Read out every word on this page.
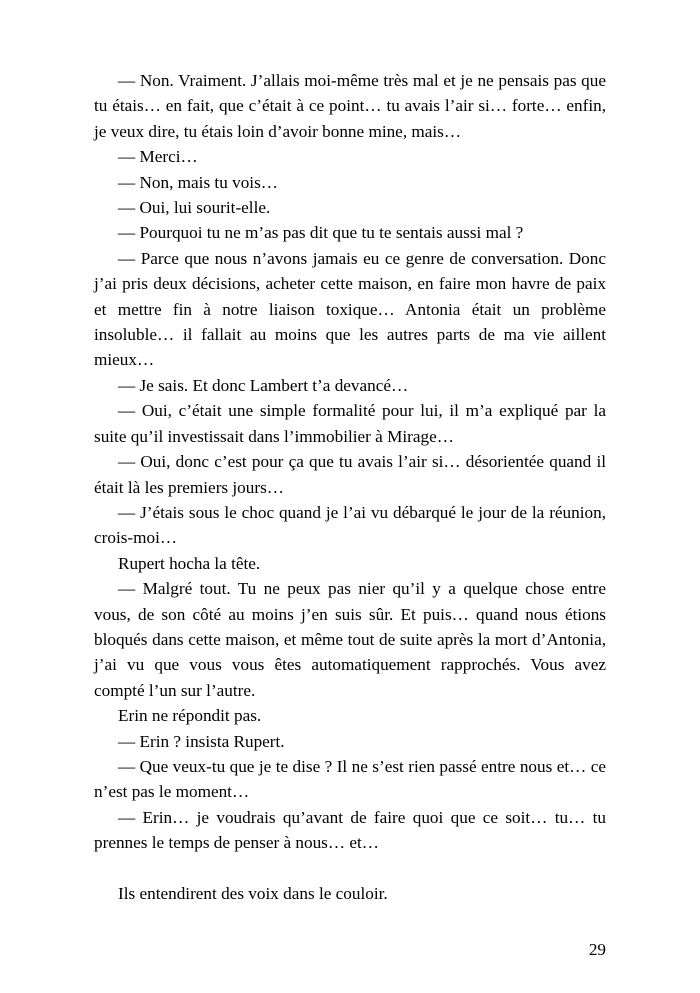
— Non. Vraiment. J’allais moi-même très mal et je ne pensais pas que tu étais… en fait, que c’était à ce point… tu avais l’air si… forte… enfin, je veux dire, tu étais loin d’avoir bonne mine, mais…

— Merci…

— Non, mais tu vois…

— Oui, lui sourit-elle.

— Pourquoi tu ne m’as pas dit que tu te sentais aussi mal ?

— Parce que nous n’avons jamais eu ce genre de conversation. Donc j’ai pris deux décisions, acheter cette maison, en faire mon havre de paix et mettre fin à notre liaison toxique… Antonia était un problème insoluble… il fallait au moins que les autres parts de ma vie aillent mieux…

— Je sais. Et donc Lambert t’a devancé…

— Oui, c’était une simple formalité pour lui, il m’a expliqué par la suite qu’il investissait dans l’immobilier à Mirage…

— Oui, donc c’est pour ça que tu avais l’air si… désorientée quand il était là les premiers jours…

— J’étais sous le choc quand je l’ai vu débarqué le jour de la réunion, crois-moi…

Rupert hocha la tête.

— Malgré tout. Tu ne peux pas nier qu’il y a quelque chose entre vous, de son côté au moins j’en suis sûr. Et puis… quand nous étions bloqués dans cette maison, et même tout de suite après la mort d’Antonia, j’ai vu que vous vous êtes automatiquement rapprochés. Vous avez compté l’un sur l’autre.

Erin ne répondit pas.

— Erin ? insista Rupert.

— Que veux-tu que je te dise ? Il ne s’est rien passé entre nous et… ce n’est pas le moment…

— Erin… je voudrais qu’avant de faire quoi que ce soit… tu… tu prennes le temps de penser à nous… et…

Ils entendirent des voix dans le couloir.

29
